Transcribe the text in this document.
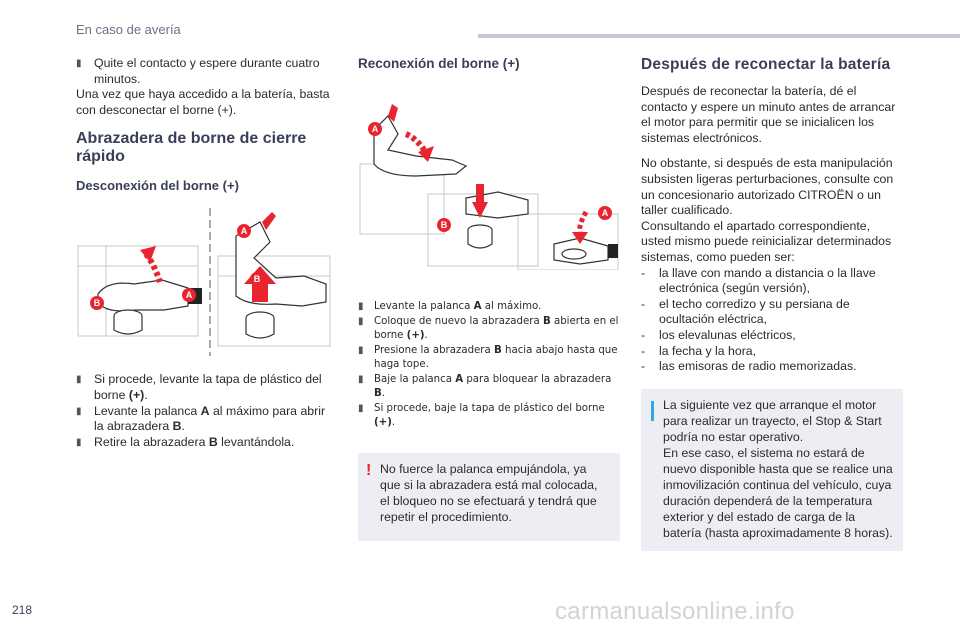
En caso de avería
▮	Quite el contacto y espere durante cuatro minutos.

Una vez que haya accedido a la batería, basta con desconectar el borne (+).

Abrazadera de borne de cierre rápido
Desconexión del borne (+)
A
B
A
B
▮	Si procede, levante la tapa de plástico del borne (+).
▮	Levante la palanca A al máximo para abrir la abrazadera B.
▮	Retire la abrazadera B levantándola.
Reconexión del borne (+)
A
B
A
▮	Levante la palanca A al máximo.
▮	Coloque de nuevo la abrazadera B abierta en el borne (+).
▮	Presione la abrazadera B hacia abajo hasta que haga tope.
▮	Baje la palanca A para bloquear la abrazadera B.
▮	Si procede, baje la tapa de plástico del borne (+).
! No fuerce la palanca empujándola, ya que si la abrazadera está mal colocada, el bloqueo no se efectuará y tendrá que repetir el procedimiento.
Después de reconectar la batería

Después de reconectar la batería, dé el contacto y espere un minuto antes de arrancar el motor para permitir que se inicialicen los sistemas electrónicos.

No obstante, si después de esta manipulación subsisten ligeras perturbaciones, consulte con un concesionario autorizado CITROËN o un taller cualificado.

Consultando el apartado correspondiente, usted mismo puede reinicializar determinados sistemas, como pueden ser:

-	la llave con mando a distancia o la llave electrónica (según versión),
-	el techo corredizo y su persiana de ocultación eléctrica,
-	los elevalunas eléctricos,
-	la fecha y la hora,
-	las emisoras de radio memorizadas.
La siguiente vez que arranque el motor para realizar un trayecto, el Stop & Start podría no estar operativo.
En ese caso, el sistema no estará de nuevo disponible hasta que se realice una inmovilización continua del vehículo, cuya duración dependerá de la temperatura exterior y del estado de carga de la batería (hasta aproximadamente 8 horas).
218	carmanualsonline.info
